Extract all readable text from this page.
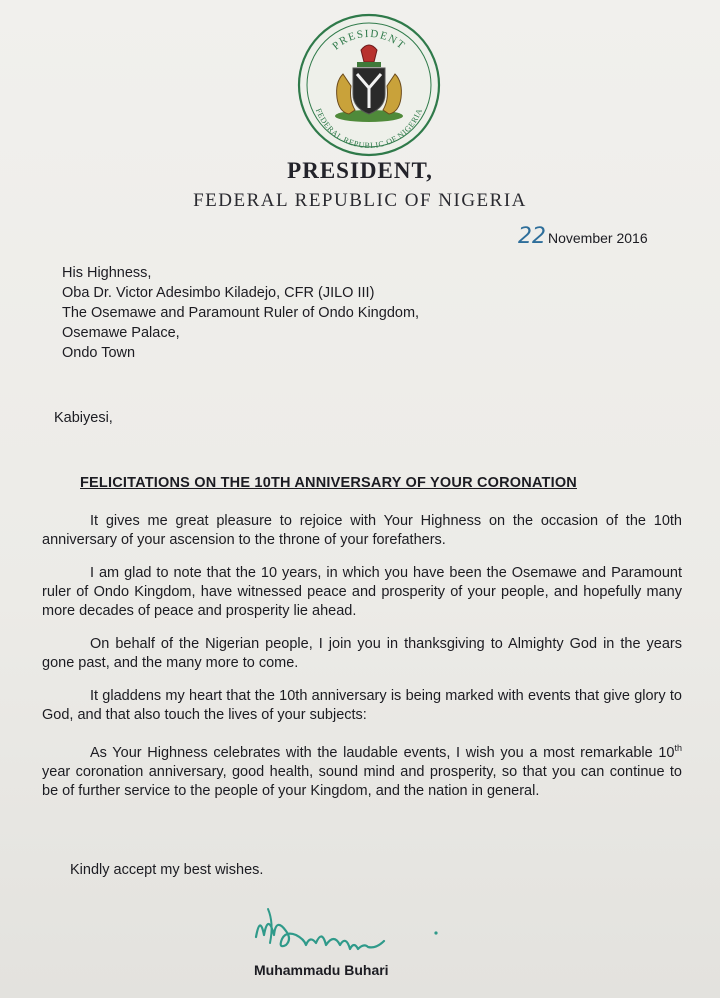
PRESIDENT
FEDERAL REPUBLIC OF NIGERIA
PRESIDENT,
FEDERAL REPUBLIC OF NIGERIA
22 November 2016
His Highness,
Oba Dr. Victor Adesimbo Kiladejo, CFR (JILO III)
The Osemawe and Paramount Ruler of Ondo Kingdom,
Osemawe Palace,
Ondo Town
Kabiyesi,
FELICITATIONS ON THE 10TH ANNIVERSARY OF YOUR CORONATION

It gives me great pleasure to rejoice with Your Highness on the occasion of the 10th anniversary of your ascension to the throne of your forefathers.

I am glad to note that the 10 years, in which you have been the Osemawe and Paramount ruler of Ondo Kingdom, have witnessed peace and prosperity of your people, and hopefully many more decades of peace and prosperity lie ahead.

On behalf of the Nigerian people, I join you in thanksgiving to Almighty God in the years gone past, and the many more to come.

It gladdens my heart that the 10th anniversary is being marked with events that give glory to God, and that also touch the lives of your subjects:

As Your Highness celebrates with the laudable events, I wish you a most remarkable 10th year coronation anniversary, good health, sound mind and prosperity, so that you can continue to be of further service to the people of your Kingdom, and the nation in general.

Kindly accept my best wishes.
Muhammadu Buhari
